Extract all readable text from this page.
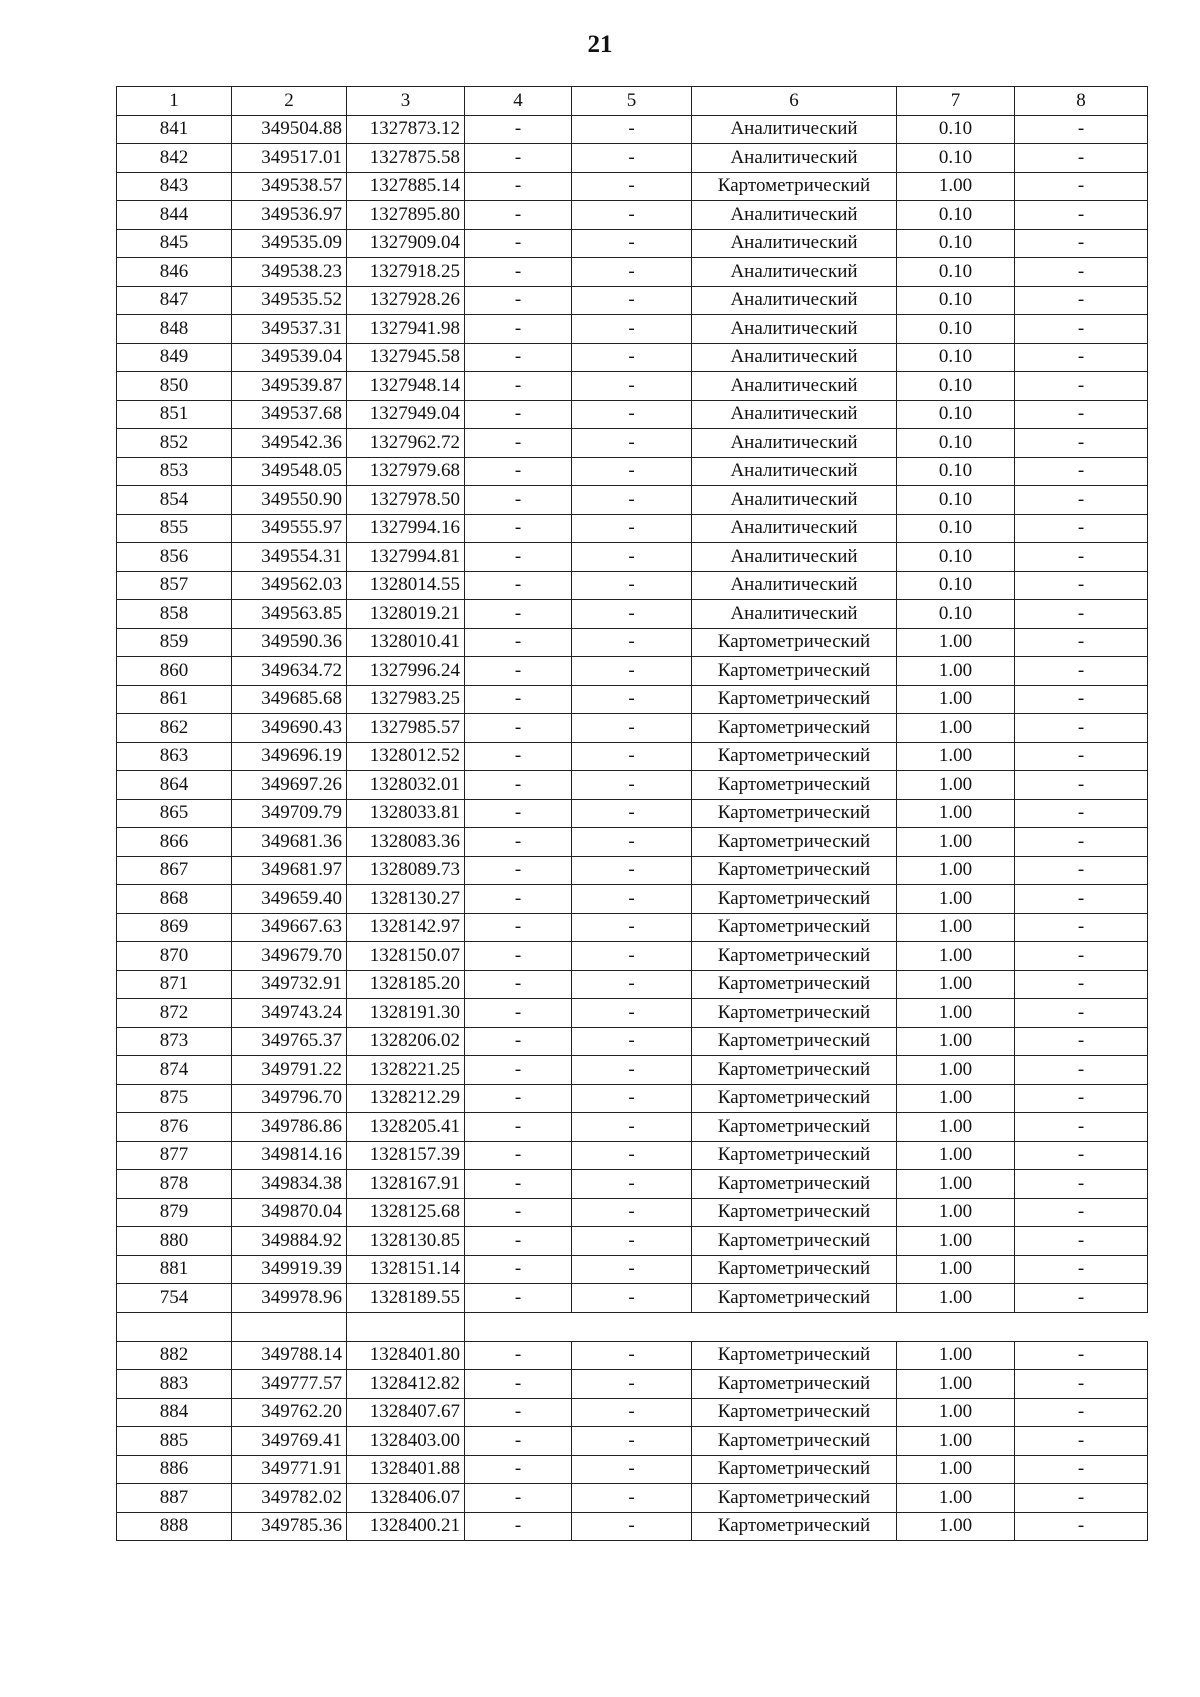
21
1	2	3	4	5	6	7	8
841	349504.88	1327873.12	-	-	Аналитический	0.10	-
842	349517.01	1327875.58	-	-	Аналитический	0.10	-
843	349538.57	1327885.14	-	-	Картометрический	1.00	-
844	349536.97	1327895.80	-	-	Аналитический	0.10	-
845	349535.09	1327909.04	-	-	Аналитический	0.10	-
846	349538.23	1327918.25	-	-	Аналитический	0.10	-
847	349535.52	1327928.26	-	-	Аналитический	0.10	-
848	349537.31	1327941.98	-	-	Аналитический	0.10	-
849	349539.04	1327945.58	-	-	Аналитический	0.10	-
850	349539.87	1327948.14	-	-	Аналитический	0.10	-
851	349537.68	1327949.04	-	-	Аналитический	0.10	-
852	349542.36	1327962.72	-	-	Аналитический	0.10	-
853	349548.05	1327979.68	-	-	Аналитический	0.10	-
854	349550.90	1327978.50	-	-	Аналитический	0.10	-
855	349555.97	1327994.16	-	-	Аналитический	0.10	-
856	349554.31	1327994.81	-	-	Аналитический	0.10	-
857	349562.03	1328014.55	-	-	Аналитический	0.10	-
858	349563.85	1328019.21	-	-	Аналитический	0.10	-
859	349590.36	1328010.41	-	-	Картометрический	1.00	-
860	349634.72	1327996.24	-	-	Картометрический	1.00	-
861	349685.68	1327983.25	-	-	Картометрический	1.00	-
862	349690.43	1327985.57	-	-	Картометрический	1.00	-
863	349696.19	1328012.52	-	-	Картометрический	1.00	-
864	349697.26	1328032.01	-	-	Картометрический	1.00	-
865	349709.79	1328033.81	-	-	Картометрический	1.00	-
866	349681.36	1328083.36	-	-	Картометрический	1.00	-
867	349681.97	1328089.73	-	-	Картометрический	1.00	-
868	349659.40	1328130.27	-	-	Картометрический	1.00	-
869	349667.63	1328142.97	-	-	Картометрический	1.00	-
870	349679.70	1328150.07	-	-	Картометрический	1.00	-
871	349732.91	1328185.20	-	-	Картометрический	1.00	-
872	349743.24	1328191.30	-	-	Картометрический	1.00	-
873	349765.37	1328206.02	-	-	Картометрический	1.00	-
874	349791.22	1328221.25	-	-	Картометрический	1.00	-
875	349796.70	1328212.29	-	-	Картометрический	1.00	-
876	349786.86	1328205.41	-	-	Картометрический	1.00	-
877	349814.16	1328157.39	-	-	Картометрический	1.00	-
878	349834.38	1328167.91	-	-	Картометрический	1.00	-
879	349870.04	1328125.68	-	-	Картометрический	1.00	-
880	349884.92	1328130.85	-	-	Картометрический	1.00	-
881	349919.39	1328151.14	-	-	Картометрический	1.00	-
754	349978.96	1328189.55	-	-	Картометрический	1.00	-

882	349788.14	1328401.80	-	-	Картометрический	1.00	-
883	349777.57	1328412.82	-	-	Картометрический	1.00	-
884	349762.20	1328407.67	-	-	Картометрический	1.00	-
885	349769.41	1328403.00	-	-	Картометрический	1.00	-
886	349771.91	1328401.88	-	-	Картометрический	1.00	-
887	349782.02	1328406.07	-	-	Картометрический	1.00	-
888	349785.36	1328400.21	-	-	Картометрический	1.00	-
